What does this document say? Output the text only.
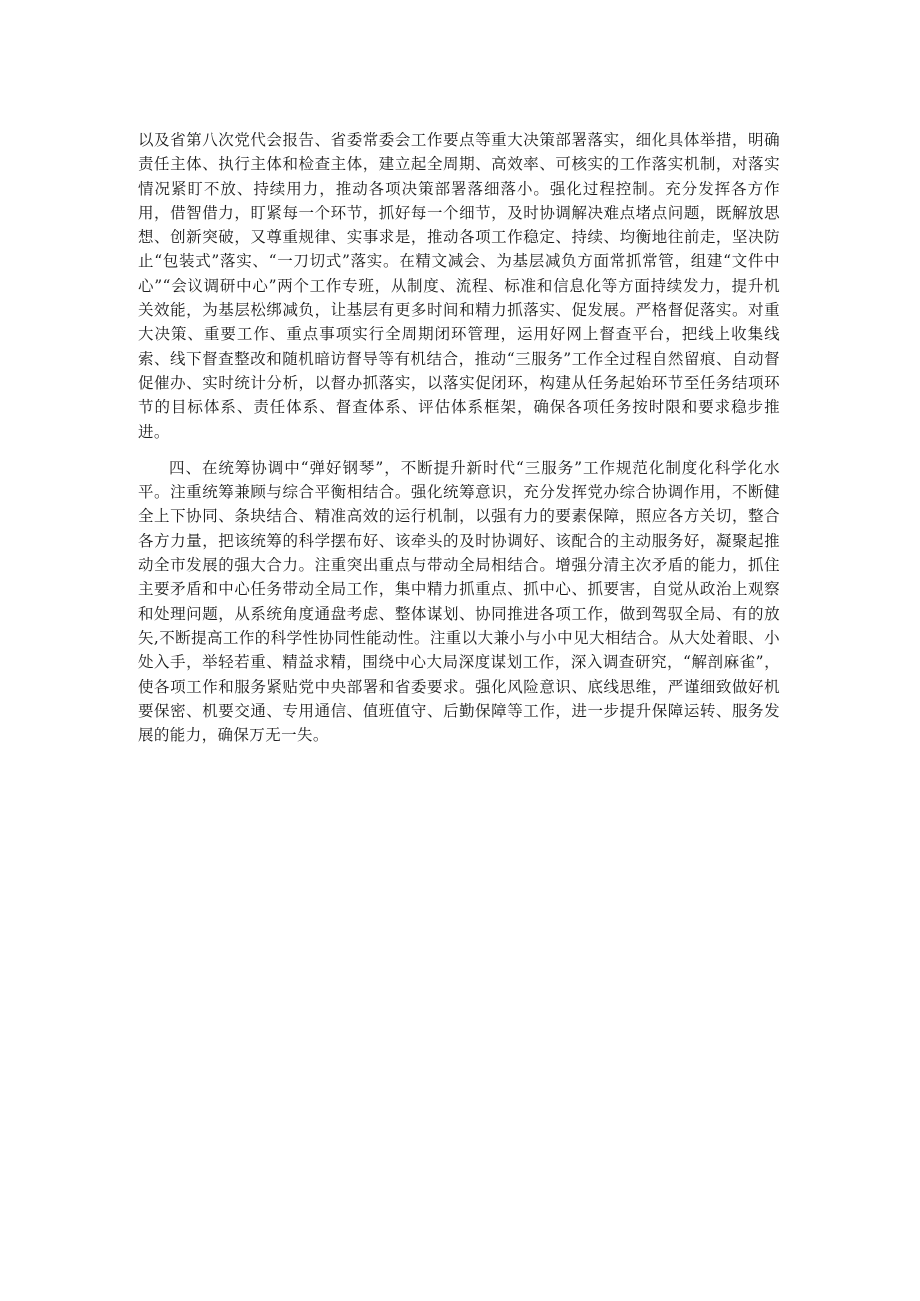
以及省第八次党代会报告、省委常委会工作要点等重大决策部署落实，细化具体举措，明确责任主体、执行主体和检查主体，建立起全周期、高效率、可核实的工作落实机制，对落实情况紧盯不放、持续用力，推动各项决策部署落细落小。强化过程控制。充分发挥各方作用，借智借力，盯紧每一个环节，抓好每一个细节，及时协调解决难点堵点问题，既解放思想、创新突破，又尊重规律、实事求是，推动各项工作稳定、持续、均衡地往前走，坚决防止“包装式”落实、“一刀切式”落实。在精文减会、为基层减负方面常抓常管，组建“文件中心”“会议调研中心”两个工作专班，从制度、流程、标准和信息化等方面持续发力，提升机关效能，为基层松绑减负，让基层有更多时间和精力抓落实、促发展。严格督促落实。对重大决策、重要工作、重点事项实行全周期闭环管理，运用好网上督查平台，把线上收集线索、线下督查整改和随机暗访督导等有机结合，推动“三服务”工作全过程自然留痕、自动督促催办、实时统计分析，以督办抓落实，以落实促闭环，构建从任务起始环节至任务结项环节的目标体系、责任体系、督查体系、评估体系框架，确保各项任务按时限和要求稳步推进。

四、在统筹协调中“弹好钢琴”，不断提升新时代“三服务”工作规范化制度化科学化水平。注重统筹兼顾与综合平衡相结合。强化统筹意识，充分发挥党办综合协调作用，不断健全上下协同、条块结合、精准高效的运行机制，以强有力的要素保障，照应各方关切，整合各方力量，把该统筹的科学摆布好、该牵头的及时协调好、该配合的主动服务好，凝聚起推动全市发展的强大合力。注重突出重点与带动全局相结合。增强分清主次矛盾的能力，抓住主要矛盾和中心任务带动全局工作，集中精力抓重点、抓中心、抓要害，自觉从政治上观察和处理问题，从系统角度通盘考虑、整体谋划、协同推进各项工作，做到驾驭全局、有的放矢,不断提高工作的科学性协同性能动性。注重以大兼小与小中见大相结合。从大处着眼、小处入手，举轻若重、精益求精，围绕中心大局深度谋划工作，深入调查研究，“解剖麻雀”，使各项工作和服务紧贴党中央部署和省委要求。强化风险意识、底线思维，严谨细致做好机要保密、机要交通、专用通信、值班值守、后勤保障等工作，进一步提升保障运转、服务发展的能力，确保万无一失。
